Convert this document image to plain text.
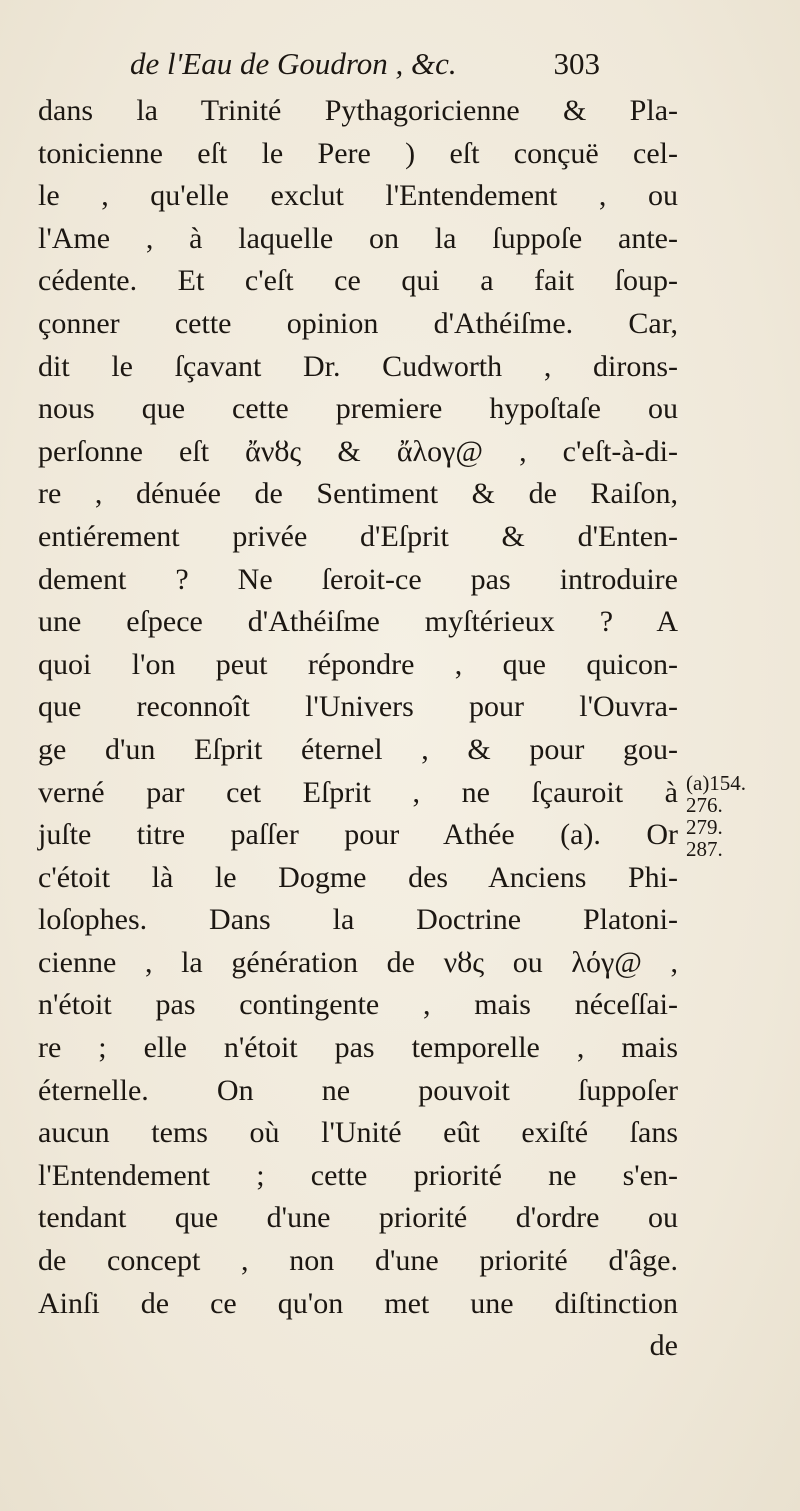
de l'Eau de Goudron , &c.	303
dans la Trinité Pythagoricienne & Pla-
tonicienne eſt le Pere ) eſt conçuë cel-
le , qu'elle exclut l'Entendement , ou
l'Ame , à laquelle on la ſuppoſe ante-
cédente. Et c'eſt ce qui a fait ſoup-
çonner cette opinion d'Athéiſme. Car,
dit le ſçavant Dr. Cudworth , dirons-
nous que cette premiere hypoſtaſe ou
perſonne eſt ἄνȣς & ἄλογ@ , c'eſt-à-di-
re , dénuée de Sentiment & de Raiſon,
entiérement privée d'Eſprit & d'Enten-
dement ? Ne ſeroit-ce pas introduire
une eſpece d'Athéiſme myſtérieux ? A
quoi l'on peut répondre , que quicon-
que reconnoît l'Univers pour l'Ouvra-
ge d'un Eſprit éternel , & pour gou-
verné par cet Eſprit , ne ſçauroit à
juſte titre paſſer pour Athée (a). Or
c'étoit là le Dogme des Anciens Phi-
loſophes. Dans la Doctrine Platoni-
cienne , la génération de νȣς ou λόγ@ ,
n'étoit pas contingente , mais néceſſai-
re ; elle n'étoit pas temporelle , mais
éternelle. On ne pouvoit ſuppoſer
aucun tems où l'Unité eût exiſté ſans
l'Entendement ; cette priorité ne s'en-
tendant que d'une priorité d'ordre ou
de concept , non d'une priorité d'âge.
Ainſi de ce qu'on met une diſtinction
de
(a)154.
276.
279.
287.
